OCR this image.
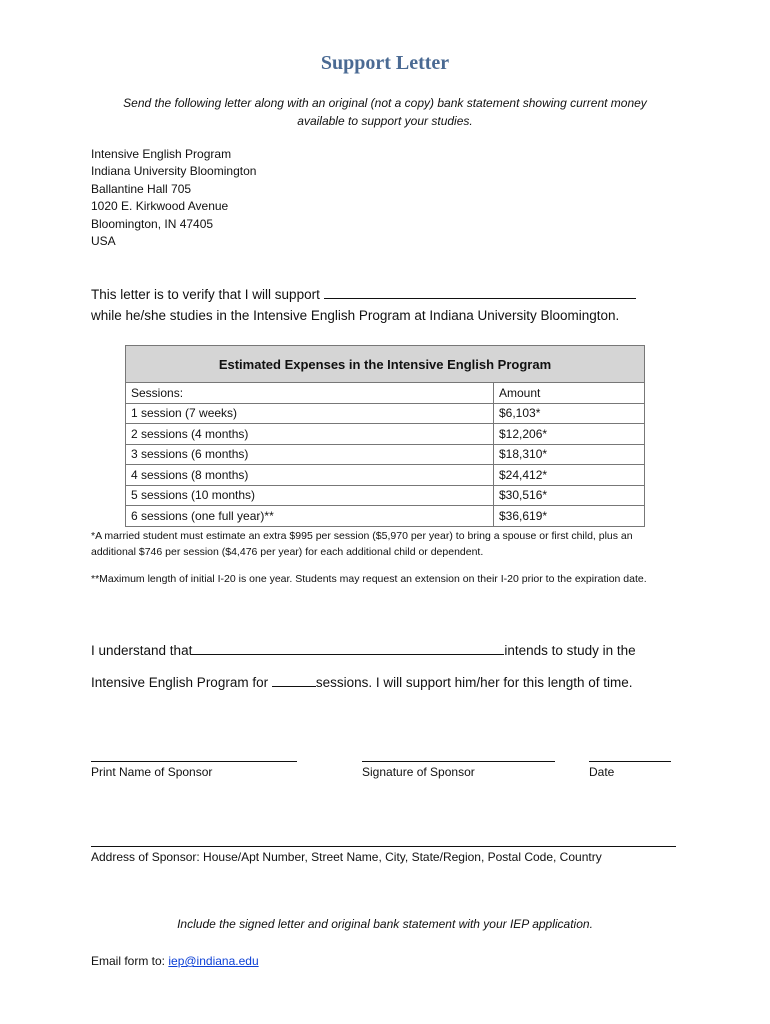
Support Letter
Send the following letter along with an original (not a copy) bank statement showing current money available to support your studies.
Intensive English Program
Indiana University Bloomington
Ballantine Hall 705
1020 E. Kirkwood Avenue
Bloomington, IN 47405
USA
This letter is to verify that I will support
while he/she studies in the Intensive English Program at Indiana University Bloomington.
Estimated Expenses in the Intensive English Program	
Sessions:	Amount
1 session (7 weeks)	$6,103*
2 sessions (4 months)	$12,206*
3 sessions (6 months)	$18,310*
4 sessions (8 months)	$24,412*
5 sessions (10 months)	$30,516*
6 sessions (one full year)**	$36,619*
*A married student must estimate an extra $995 per session ($5,970 per year) to bring a spouse or first child, plus an additional $746 per session ($4,476 per year) for each additional child or dependent.
**Maximum length of initial I-20 is one year. Students may request an extension on their I-20 prior to the expiration date.
I understand that	intends to study in the
Intensive English Program for	sessions. I will support him/her for this length of time.
Print Name of Sponsor	Signature of Sponsor	Date
Address of Sponsor: House/Apt Number, Street Name, City, State/Region, Postal Code, Country
Include the signed letter and original bank statement with your IEP application.
Email form to: iep@indiana.edu
